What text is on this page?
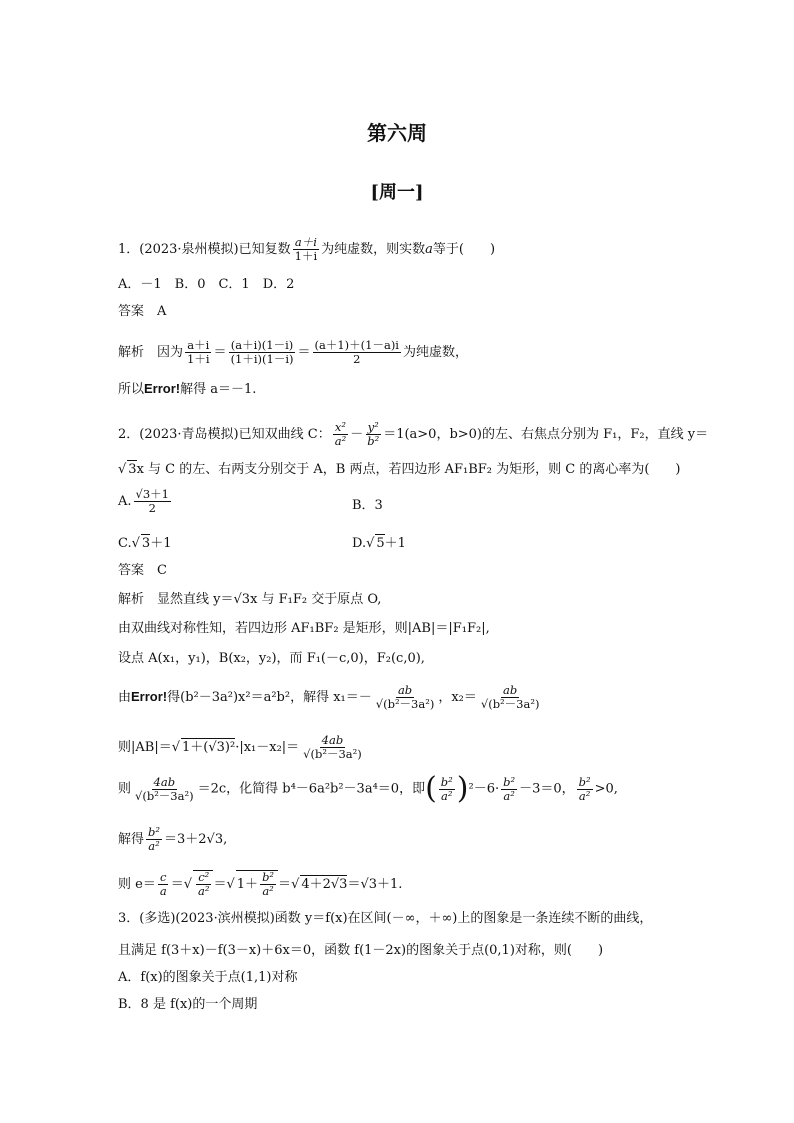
第六周
[周一]
1．(2023·泉州模拟)已知复数 $\frac{a+i}{1+i}$ 为纯虚数，则实数a等于(　　)
A．－1　B．0　C．1　D．2
答案　 A
解析　 因为 $\frac{a+i}{1+i} = \frac{(a+i)(1-i)}{(1+i)(1-i)} = \frac{(a+1)+(1-a)i}{2}$ 为纯虚数，
所以Error!解得 a＝－1.
2．(2023·青岛模拟)已知双曲线 C： $\frac{\text{x²}}{\text{a²}} - \frac{\text{y²}}{\text{b²}} =1(a>0$，b>0)的左、右焦点分别为 F₁，F₂，直线 y＝
√ 3x 与 C 的左、右两支分别交于 A，B 两点，若四边形 AF₁BF₂ 为矩形，则 C 的离心率为(　　)
A. $\frac{√3+1}{2}$	B．3
C.√ 3＋1	D.√ 5＋1
答案　 C
解析　 显然直线 y＝√3x 与 F₁F₂ 交于原点 O,
由双曲线对称性知，若四边形 AF₁BF₂ 是矩形，则|AB|＝|F₁F₂|,
设点 A(x₁，y₁)，B(x₂，y₂)，而 F₁(－c,0)，F₂(c,0),
由Error!得(b²－3a²)x²＝a²b²，解得 $x_1=- \frac{ab}{\text{√(b²－3a²)}}$ ，$x_2= \frac{ab}{\text{√(b²－3a²)}}$
则|AB|＝√ $1+(√3)^2\cdot|x_1-x_2|= \frac{4ab}{\text{√(b²－3a²)}}$
则 $\frac{4ab}{\text{√(b²－3a²)}} =2c$，化简得 b⁴－6a²b²－3a⁴＝0，即( $\frac{\text{b²}}{\text{a²}} )^2-6\cdot \frac{\text{b²}}{\text{a²}} -3=0$， $\frac{\text{b²}}{\text{a²}} >0$,
解得 $\frac{\text{b²}}{\text{a²}} =3+2√3$,
则 $e= \frac{c}{a}$ ＝√ $\frac{\text{c²}}{\text{a²}}$ ＝√ $1+ \frac{\text{b²}}{\text{a²}}$ ＝√ 4＋2√3＝√3＋1.
3．(多选)(2023·滨州模拟)函数 y＝f(x)在区间(－∞，＋∞)上的图象是一条连续不断的曲线，
且满足 f(3＋x)－f(3－x)＋6x＝0，函数 f(1－2x)的图象关于点(0,1)对称，则(　　)
A．f(x)的图象关于点(1,1)对称
B．8 是 f(x)的一个周期
